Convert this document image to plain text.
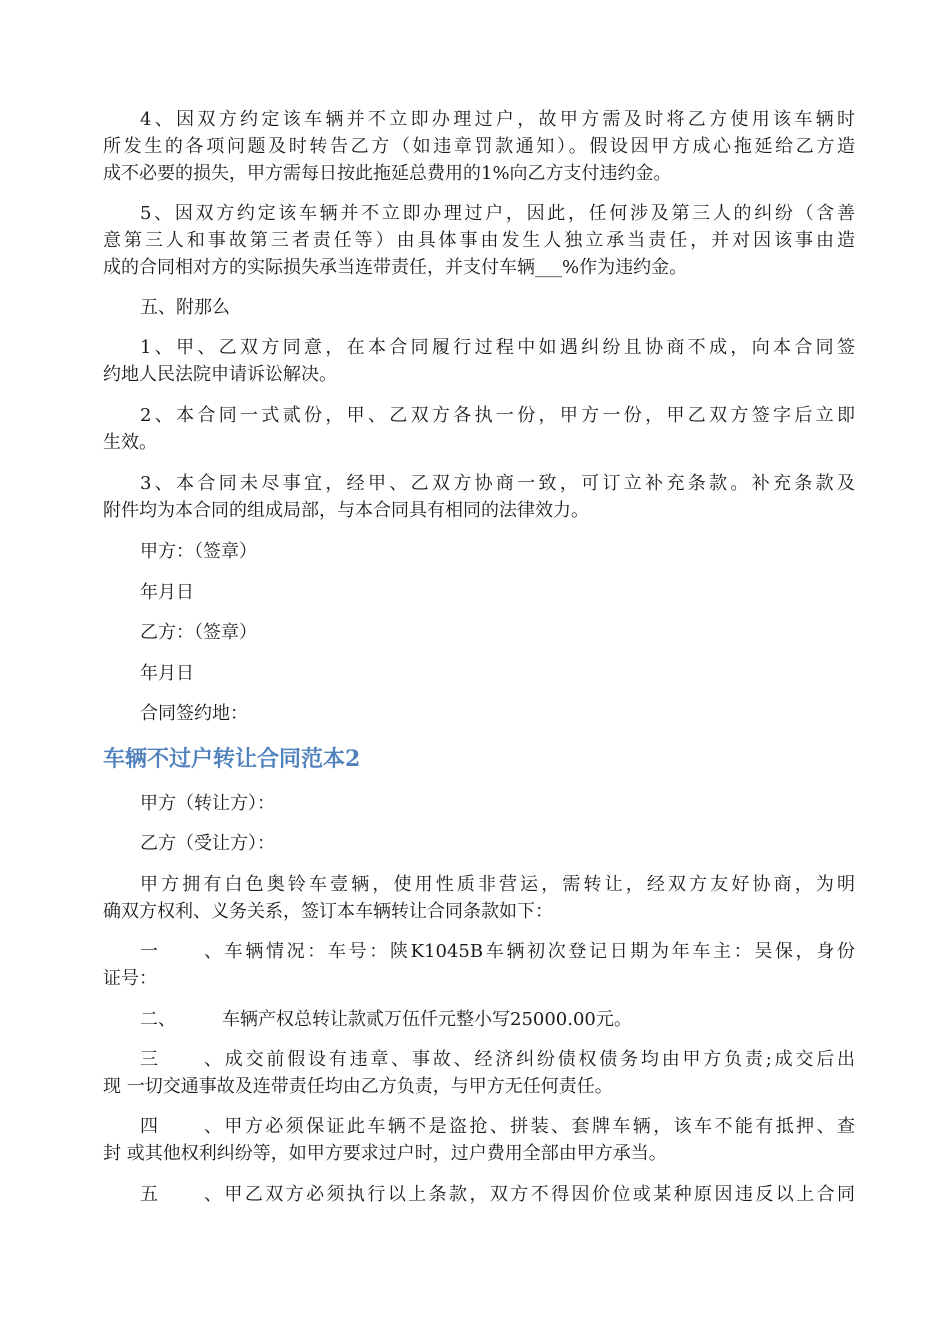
4、因双方约定该车辆并不立即办理过户，故甲方需及时将乙方使用该车辆时
所发生的各项问题及时转告乙方（如违章罚款通知）。假设因甲方成心拖延给乙方造
成不必要的损失，甲方需每日按此拖延总费用的1%向乙方支付违约金。
5、因双方约定该车辆并不立即办理过户，因此，任何涉及第三人的纠纷（含善
意第三人和事故第三者责任等）由具体事由发生人独立承当责任，并对因该事由造
成的合同相对方的实际损失承当连带责任，并支付车辆___%作为违约金。
五、附那么
1、甲、乙双方同意，在本合同履行过程中如遇纠纷且协商不成，向本合同签
约地人民法院申请诉讼解决。
2、本合同一式贰份，甲、乙双方各执一份，甲方一份，甲乙双方签字后立即
生效。
3、本合同未尽事宜，经甲、乙双方协商一致，可订立补充条款。补充条款及
附件均为本合同的组成局部，与本合同具有相同的法律效力。
甲方：（签章）
年月日
乙方：（签章）
年月日
合同签约地：
车辆不过户转让合同范本2
甲方（转让方）：
乙方（受让方）：
甲方拥有白色奥铃车壹辆，使用性质非营运，需转让，经双方友好协商，为明
确双方权利、义务关系，签订本车辆转让合同条款如下：
一、车辆情况：车号：陕K1045B车辆初次登记日期为年车主：吴保，身份
证号：
二、	车辆产权总转让款贰万伍仟元整小写25000.00元。
三、成交前假设有违章、事故、经济纠纷债权债务均由甲方负责;成交后出
现 一切交通事故及连带责任均由乙方负责，与甲方无任何责任。
四、甲方必须保证此车辆不是盗抢、拼装、套牌车辆，该车不能有抵押、查
封 或其他权利纠纷等，如甲方要求过户时，过户费用全部由甲方承当。
五、甲乙双方必须执行以上条款，双方不得因价位或某种原因违反以上合同
